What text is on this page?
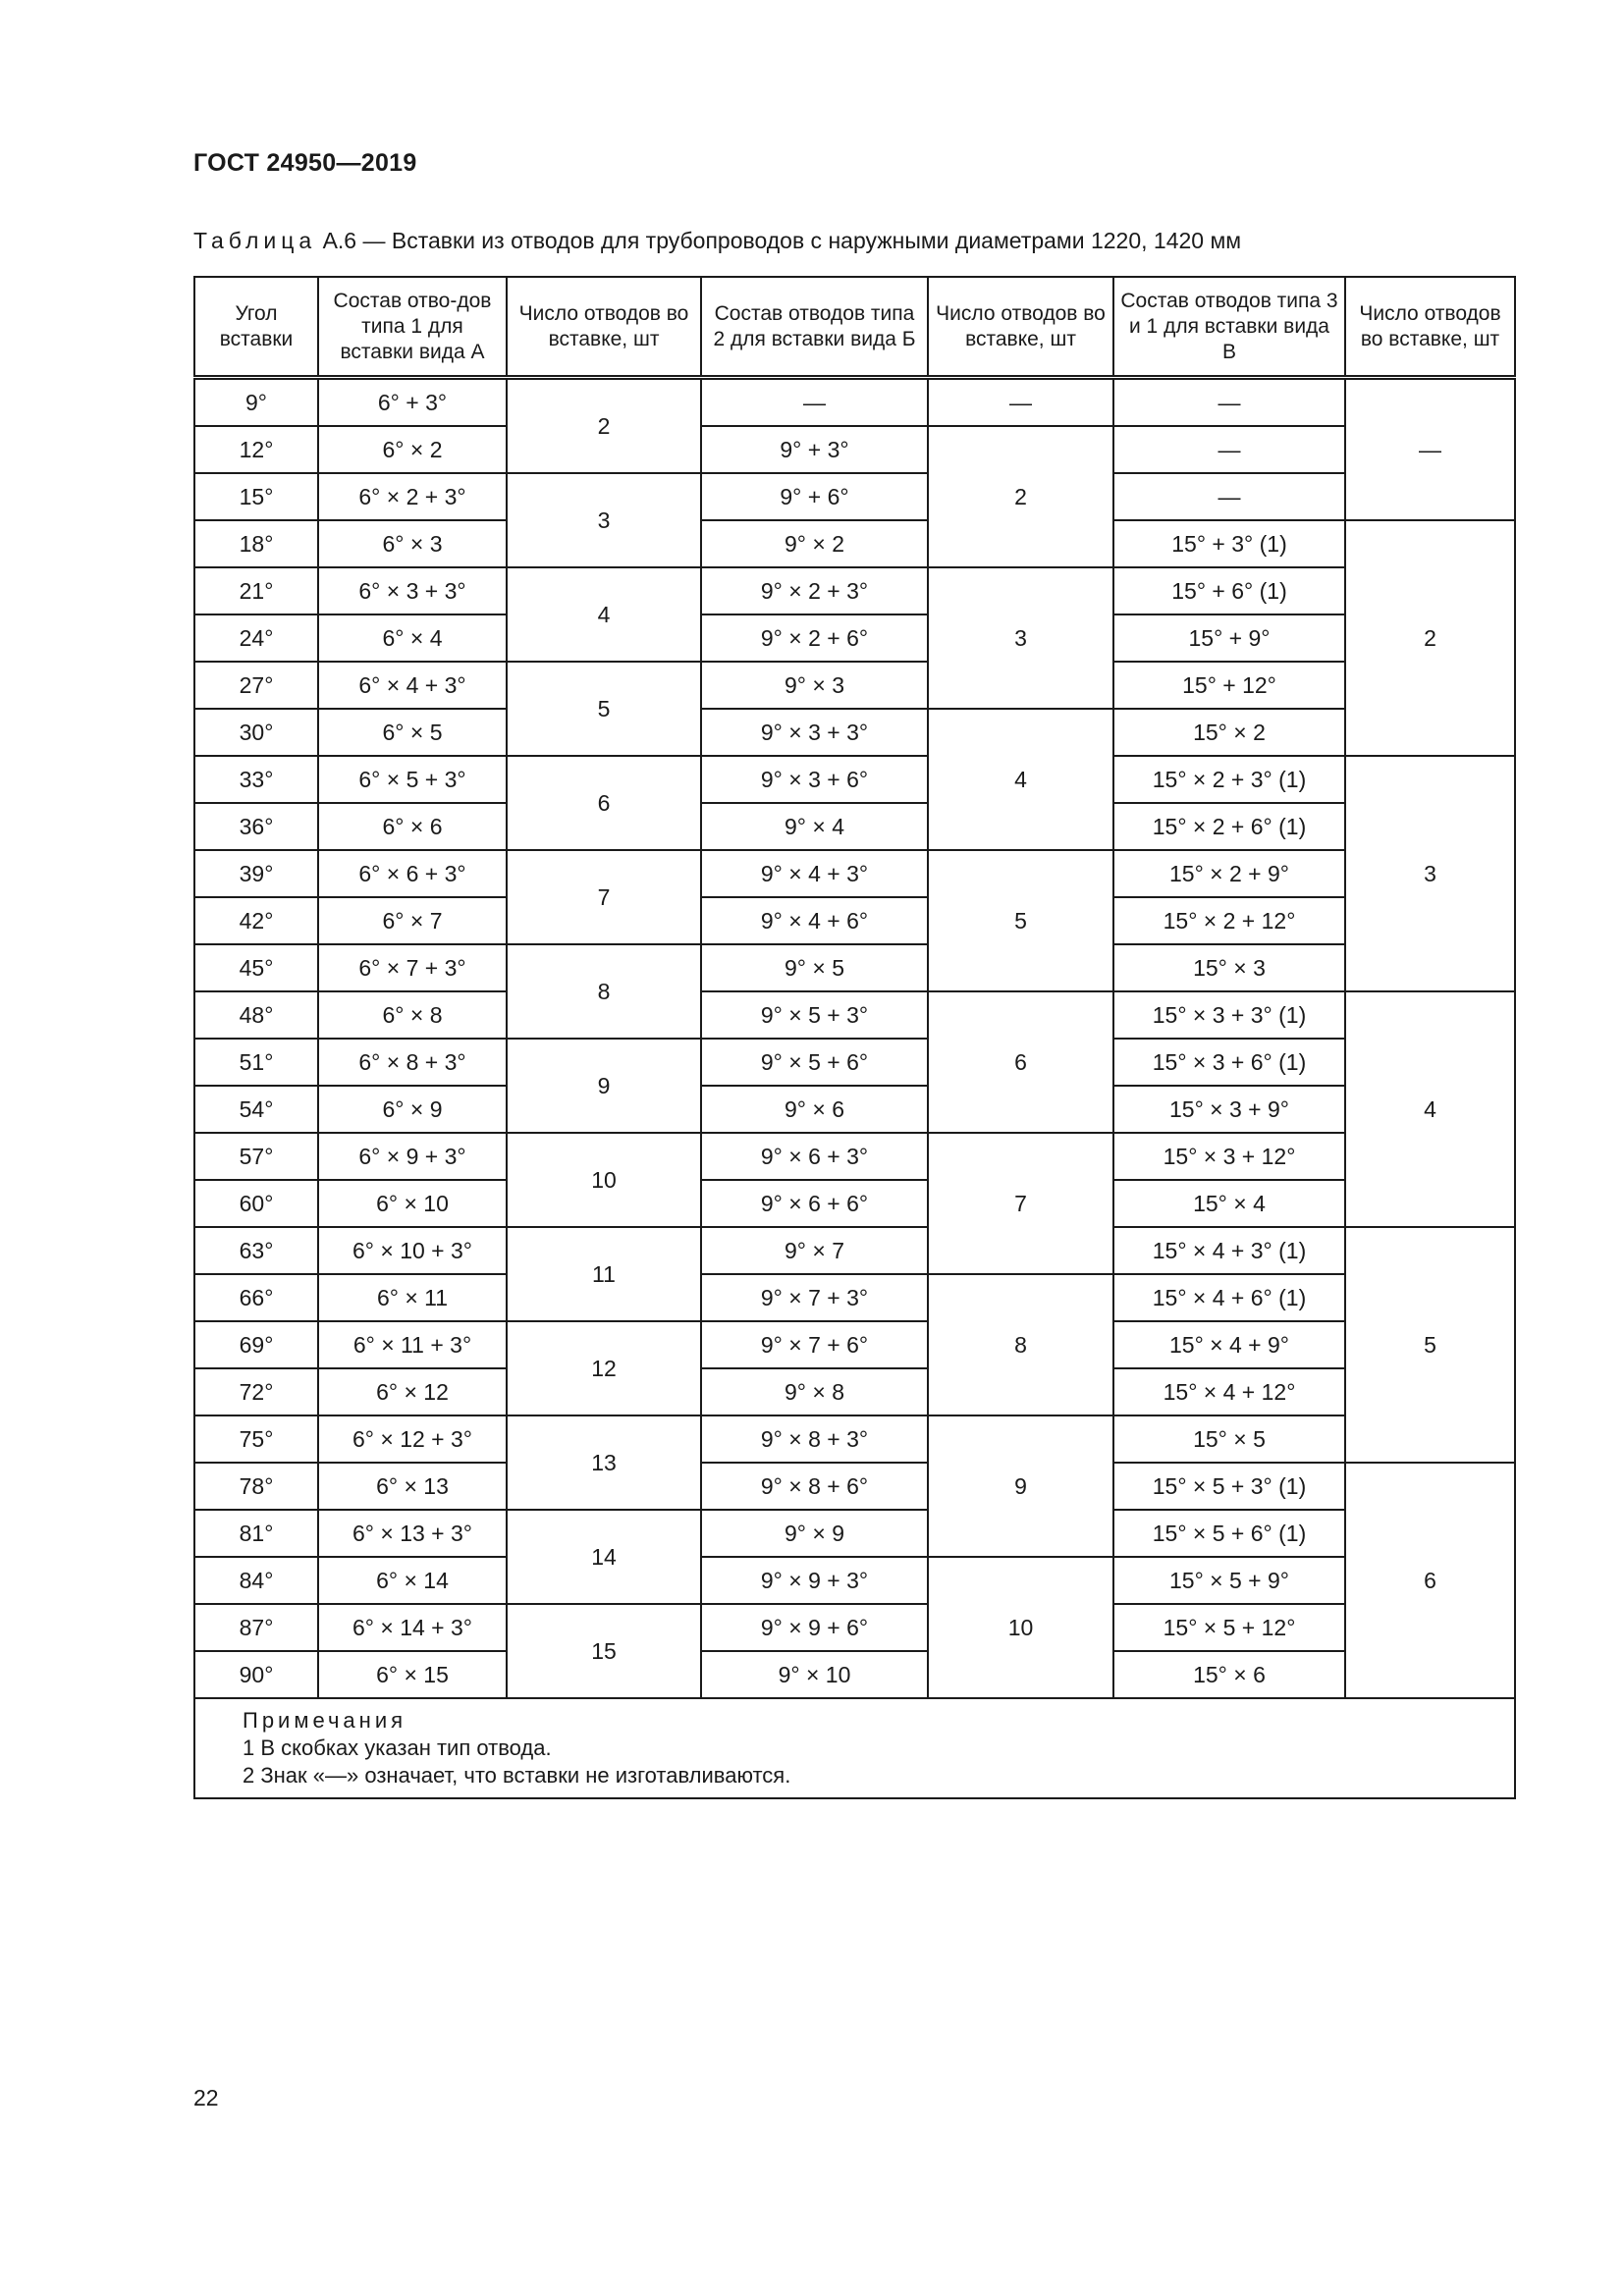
ГОСТ 24950—2019
Таблица А.6 — Вставки из отводов для трубопроводов с наружными диаметрами 1220, 1420 мм
Угол вставки	Состав отво-дов типа 1 для вставки вида А	Число отводов во вставке, шт	Состав отводов типа 2 для вставки вида Б	Число отводов во вставке, шт	Состав отводов типа 3 и 1 для вставки вида В	Число отводов во вставке, шт
9°	6° + 3°	2	—	—	—	—
12°	6° × 2		9° + 3°	2	—	
15°	6° × 2 + 3°	3	9° + 6°		—	
18°	6° × 3		9° × 2		15° + 3° (1)	2
21°	6° × 3 + 3°	4	9° × 2 + 3°	3	15° + 6° (1)	
24°	6° × 4		9° × 2 + 6°		15° + 9°	
27°	6° × 4 + 3°	5	9° × 3		15° + 12°	
30°	6° × 5		9° × 3 + 3°	4	15° × 2	
33°	6° × 5 + 3°	6	9° × 3 + 6°		15° × 2 + 3° (1)	3
36°	6° × 6		9° × 4		15° × 2 + 6° (1)	
39°	6° × 6 + 3°	7	9° × 4 + 3°	5	15° × 2 + 9°	
42°	6° × 7		9° × 4 + 6°		15° × 2 + 12°	
45°	6° × 7 + 3°	8	9° × 5		15° × 3	
48°	6° × 8		9° × 5 + 3°	6	15° × 3 + 3° (1)	4
51°	6° × 8 + 3°	9	9° × 5 + 6°		15° × 3 + 6° (1)	
54°	6° × 9		9° × 6		15° × 3 + 9°	
57°	6° × 9 + 3°	10	9° × 6 + 3°	7	15° × 3 + 12°	
60°	6° × 10		9° × 6 + 6°		15° × 4	
63°	6° × 10 + 3°	11	9° × 7		15° × 4 + 3° (1)	5
66°	6° × 11		9° × 7 + 3°	8	15° × 4 + 6° (1)	
69°	6° × 11 + 3°	12	9° × 7 + 6°		15° × 4 + 9°	
72°	6° × 12		9° × 8		15° × 4 + 12°	
75°	6° × 12 + 3°	13	9° × 8 + 3°	9	15° × 5	
78°	6° × 13		9° × 8 + 6°		15° × 5 + 3° (1)	6
81°	6° × 13 + 3°	14	9° × 9		15° × 5 + 6° (1)	
84°	6° × 14		9° × 9 + 3°	10	15° × 5 + 9°	
87°	6° × 14 + 3°	15	9° × 9 + 6°		15° × 5 + 12°	
90°	6° × 15		9° × 10		15° × 6	

Примечания
1 В скобках указан тип отвода.
2 Знак «—» означает, что вставки не изготавливаются.						
22
